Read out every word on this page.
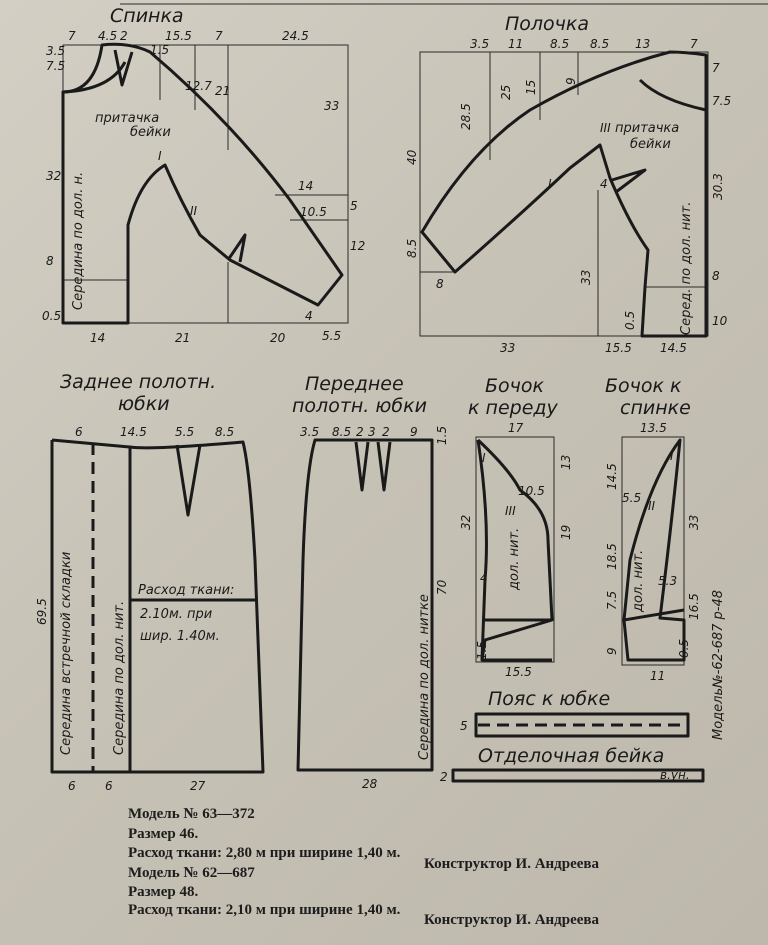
Спинка
7 4.5 2
1.5
15.5 7	24.5
7.5
3.5
12.7 21
33
32
14
10.5 5
12
8
0.5
14	21	20
4
5.5
I
II
притачка
бейки
Середина по дол. н.
Полочка
3.5 11 8.5 8.5 13	7
28.5
25 15 9
7
7.5
40
30.3
8.5
8	33
4
0.5
8
10
33	15.5 14.5
I
III притачка
бейки
Серед. по дол. нит.
Заднее полотн.
юбки
6	14.5 5.5 8.5
69.5
6 6	27
Середина встречной складки	Середина по дол. нит.
Расход ткани:
2.10м. при
шир. 1.40м.
Переднее
полотн. юбки
3.5 8.5 2 3 2 9 1.5
70
28
Середина по дол. нитке
Бочок
к переду
17
13
10.5
32
19
4
1.5
15.5
I
III
дол. нит.
Бочок к
спинке
13.5
14.5
5.5
33
18.5
5.3
7.5	16.5
9	0.5
11
I
II
дол. нит.
Модель№-62-687 р-48
Пояс к юбке
5
Отделочная бейка
2	в.ун.
Модель № 63—372
Размер 46.
Расход ткани: 2,80 м при ширине 1,40 м.
Конструктор И. Андреева
Модель № 62—687
Размер 48.
Расход ткани: 2,10 м при ширине 1,40 м.
Конструктор И. Андреева
